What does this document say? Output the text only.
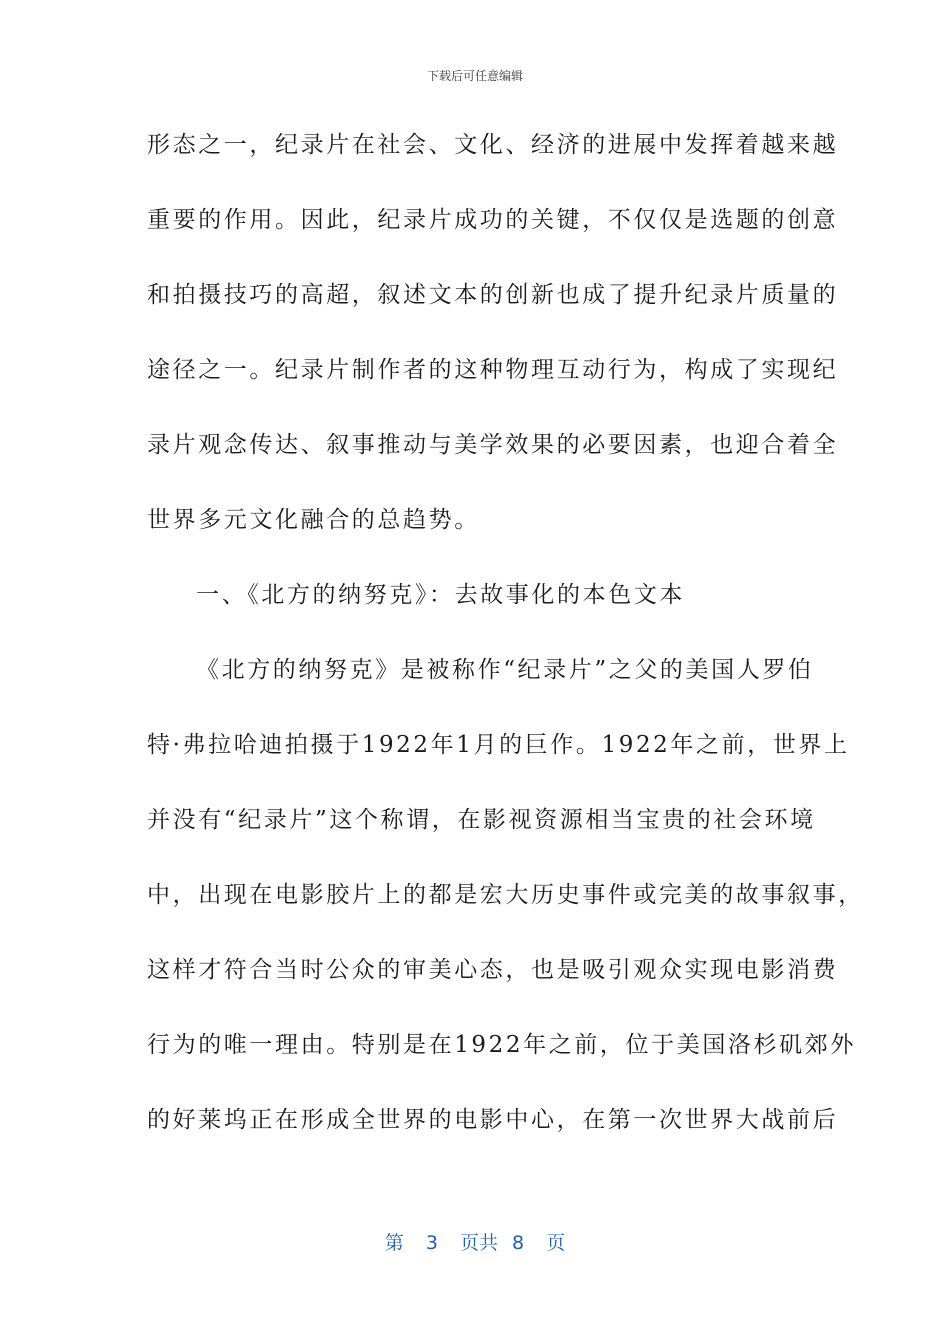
下载后可任意编辑
形态之一，纪录片在社会、文化、经济的进展中发挥着越来越
重要的作用。因此，纪录片成功的关键，不仅仅是选题的创意
和拍摄技巧的高超，叙述文本的创新也成了提升纪录片质量的
途径之一。纪录片制作者的这种物理互动行为，构成了实现纪
录片观念传达、叙事推动与美学效果的必要因素，也迎合着全
世界多元文化融合的总趋势。
一、《北方的纳努克》：去故事化的本色文本
《北方的纳努克》是被称作“纪录片”之父的美国人罗伯
特·弗拉哈迪拍摄于1922年1月的巨作。1922年之前，世界上
并没有“纪录片”这个称谓，在影视资源相当宝贵的社会环境
中，出现在电影胶片上的都是宏大历史事件或完美的故事叙事，
这样才符合当时公众的审美心态，也是吸引观众实现电影消费
行为的唯一理由。特别是在1922年之前，位于美国洛杉矶郊外
的好莱坞正在形成全世界的电影中心，在第一次世界大战前后
第 3 页共 8 页
